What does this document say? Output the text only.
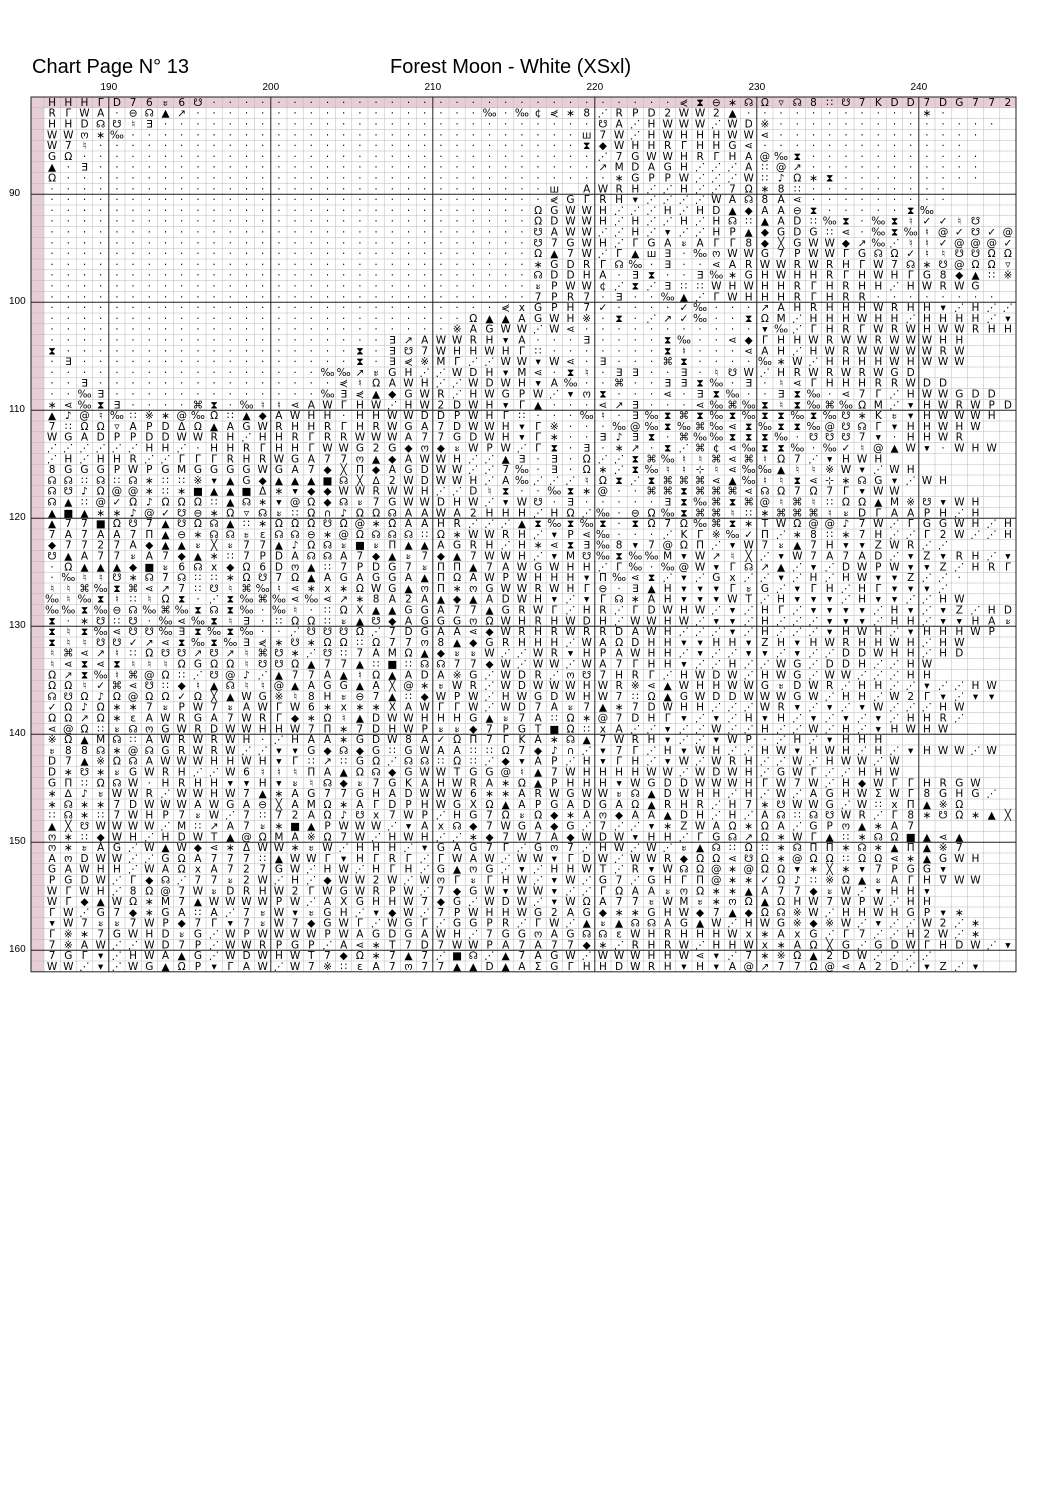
Chart Page N° 13	Forest Moon - White (XSxl)
190	200	210	220	230	240
90
100
110
120
130
140
150
160
H H H Γ D 7 6 ะ 6 ☋ · · · · · · · · · · · · · · · · · · · · · · · · · · · · · ⋞ ⧗ ⊖ ∗ ☊ Ω ▿ ☊ 8 ∷ ☋ 7 K D D 7 D G 7 7 2
R Γ W A · ⊖ ☊ ▲ ↗ · · · · · · · · · · · · · · · · · · ‰ · ‰ ¢ ⋞ ∗ 8 ⋰ R P D 2 W W 2 ▲ · · · · · · · · · · · ∗ ·
H H D ☊ ☋ ♮ ∃ · · · · · · · · · · · · · · · · · · · · · · · · · · · ☋ A ⋰ H W W W ⋰ W D ※ · · · · · · · · · · · · · ·
W W ო ∗ ‰ · · · · · · · · · · · · · · · · · · · · · · · · · · · · ш 7 W ⋰ H W H H H W W ⋖ · · · · · · · · · · · · ·
W 7 ♮ · · · · · · · · · · · · · · · · · · · · · · · · · · · · · · ⧗ ◆ W H H R Γ H H G ⋖ · · · · · · · · · · · · ·
G Ω · · · · · · · · · · · · · · · · · · · · · · · · · · · · · · · · ⋰ 7 G W W H R Γ H A @ ‰ ⧗ · · · · · · · · · · ·
▲ · ∃ · · · · · · · · · · · · · · · · · · · · · · · · · · · · · · · ↗ M D A G H ⋰ ⋰ ⋰ A ∷ @ ↗ · · · · · · · · · · ·
Ω · · · · · · · · · · · · · · · · · · · · · · · · · · · · · · · · · · ∗ G P P W ⋰ ⋰ ⋰ W ∷ ♪ Ω ∗ ⧗ · · · · · · · · ·
· · · · · · · · · · · · · · · · · · · · · · · · · · · · · · · ш A W R H ⋰ ⋰ H ⋰ ⋰ 7 Ω ∗ 8 ∷ · · · · · · · · ·
· · · · · · · · · · · · · · · · · · · · · · · · · · · · · · · ⋞ G Γ R H ▾ ⋰ ⋰ ⋰ ⋰ W A ☊ 8 A ⋖ · · · · · · · · ·
· · · · · · · · · · · · · · · · · · · · · · · · · · · · · · Ω G W W H ⋰ ⋰ ⋰ H ⋰ H D ▲ ◆ A A ⊖ ⧗ · · · · · ⧗ ‰
· · · · · · · · · · · · · · · · · · · · · · · · · · · · · · Ω D W W H ⋰ H ⋰ ⋰ H ⋰ H ☊ ∷ ▲ A D ∷ ‰ ⧗ · ‰ ⧗ ♮ ✓ ✓ ♮ ☋
· · · · · · · · · · · · · · · · · · · · · · · · · · · · · · ☋ A W W ⋰ ⋰ H ⋰ ▾ ⋰ ⋰ H P ▲ ◆ G D G ∷ ⋖ · ‰ ⧗ ‰ ♮ @ ✓ ☋ ✓ @
· · · · · · · · · · · · · · · · · · · · · · · · · · · · · · ☋ 7 G W H ⋰ Γ G A ะ A Γ Γ 8 ◆ ╳ G W W ◆ ↗ ‰ ⋰ ♮ ♮ ✓ @ @ @ ✓
· · · · · · · · · · · · · · · · · · · · · · · · · · · · · · Ω ▲ 7 W ⋰ Γ ▲ ш ∃ · ‰ ო W W G 7 P W W Γ G ☊ Ω ✓ ♮ ♮ ☋ ☋ Ω Ω
· · · · · · · · · · · · · · · · · · · · · · · · · · · · · · ∗ G D R Γ ☊ ‰ · ∃ · · ⋖ A R W W R W R H Γ W 7 ☊ ∗ ☋ @ Ω Ω ▿
· · · · · · · · · · · · · · · · · · · · · · · · · · · · · · ☊ D D H A · ∃ ⧗ · · ∃ ‰ ∗ G H W H H R Γ H W H Γ G 8 ◆ ▲ ∷ ※
· · · · · · · · · · · · · · · · · · · · · · · · · · · · · · ะ P W W ¢ ⋰ ⧗ ⋰ ∃ ∷ ∷ W H W H H R Γ H R H H ⋰ H W R W G
· · · · · · · · · · · · · · · · · · · · · · · · · · · · · · 7 P R 7 · ∃ · · ‰ ▲ ⋰ Γ W H H H R Γ H R R · · · · · · · ·
· · · · · · · · · · · · · · · · · · · · · · · · · · · · ⋞ x G P H 7 ✓ · · · · ✓ ‰ · · · ↗ A H R H H H W R H H ▾ ⋰ H ⋰ ⋰
· · · · · · · · · · · · · · · · · · · · · · · · · · Ω ▲ ▲ A G W H ※ · ⧗ · ⋰ ↗ ✓ ‰ · · ⧗ Ω M ⋰ H H H W H H ⋰ H H H H ⋰ ▾
· · · · · · · · · · · · · · · · · · · · · · · · · ※ A G W W ⋰ W ⋖ · · · · · · · · · · · ▾ ‰ ⋰ Γ H R Γ W R W H W W R H H
· · · · · · · · · · · · · · · · · · · · · ∃ ↗ A W W R H ▾ A · · · ∃ · · · · ⧗ ‰ · · ⋖ ◆ Γ H H W R W W R W W W H H
⧗ · · · · · · · · · · · · · · · · · · ⧗ · ∃ ☋ 7 W H H W H Γ ∷ · · · · · · · ⧗ ♮ · · · ⋖ A H ⋰ H W R W W W W W R W
· ∃ · · · · · · · · · · · · · · · · · ⧗ · ∃ ⋞ ※ M Γ ⋰ ⋰ W W ▾ W ⋖ · ∃ · · · ⌘ ⧗ · · · · ‰ ∗ W ⋰ H H H H W H W W W
· · · · · · · · · · · · · · · · · ‰ ‰ ↗ ะ G H ⋰ ⋰ W D H ▾ M ⋖ · ⧗ ♮ · ∃ ∃ · · ∃ · ♮ ☋ W ⋰ H R W R W R W G D
· · ∃ · · · · · · · · · · · · · · · ⋞ ♮ Ω A W H ⋰ ⋰ W D W H ▾ A ‰ · · ⌘ · · ∃ ∃ ⧗ ‰ · ∃ · ♮ ⋖ Γ H H H R R W D D
· · ‰ ∃ · · · · · · · · · · · · · ‰ ∃ ⋞ ▲ ◆ G W R ⋰ H W G P W ⋰ ▾ ო ⧗ · · · ⋖ · ∃ ⧗ ‰ · · ∃ ⧗ ‰ · ⋖ 7 Γ ⋰ H W W G D D
∗ ⋖ ‰ ⧗ ∃ · · · · ⌘ ⧗ · ‰ ♮ ♮ ⋖ A W Γ H W ⋰ H W 2 D W H ▾ Γ ▲ · · · ⋖ ↗ ∃ · · · ⋖ ‰ ⌘ ‰ ⧗ ♮ ⧗ ‰ ⌘ ‰ Ω M ⋰ ▾ H W R W P D
▲ ♪ @ ♮ ‰ ∷ ※ ∗ @ ‰ Ω ∷ ▲ ◆ A W H H · H H W W D D P W H Γ ∷ · · · ‰ ♮ · ∃ ‰ ⧗ ⌘ ⧗ ‰ ⧗ ‰ ⧗ ⧗ ‰ ⧗ ‰ ☋ ∗ K ะ ▾ H W W W H
7 ∷ Ω Ω ▿ A P D Δ Ω ▲ A G W R H H R Γ H R W G A 7 D W W H ▾ Γ ※ · · · ‰ @ ‰ ⧗ ‰ ⌘ ‰ ⋖ ⧗ ‰ ⧗ ⧗ ‰ @ ☋ ☊ Γ ▾ H H W H W
W G A D P P D D W W R H ⋰ H H R Γ R R W W W A 7 7 G D W H ▾ Γ ∗ · · ∃ ♪ ∃ ⧗ · ⌘ ‰ ‰ ⧗ ⧗ ⧗ ‰ · ☋ ☋ ☋ 7 ▾ · H H W R
⋰ ⋰ ⋰ ⋰ ⋰ ⋰ H H ⋰ · H H R Γ H H Γ W W G 2 G ◆ ო ◆ ะ W P W ⋰ Γ ⧗ · ∃ · ∗ ↗ · ⧗ ⋰ ⌘ ¢ ⋖ ‰ ⧗ ⧗ ‰ · ‰ ✓ ♮ @ ▲ W ▾ · W H W
⋰ H ⋰ H H R ⋰ ⋰ Γ Γ Γ R H R W G A 7 7 ო ▲ ◆ A W W H ⋰ ⋰ ▲ ∃ · ∃ · Ω ⋰ ⋰ ⧗ ⌘ ‰ ♮ ♮ ⌘ ⋖ ⌘ ♮ Ω 7 ⋰ ▾ H W H
8 G G G P W P G M G G G G W G A 7 ◆ ╳ Π ◆ A G D W W ⋰ ⋰ 7 ‰ · ∃ · Ω ∗ ⋰ ⧗ ‰ ♮ ♮ ⊹ ♮ ⋖ ‰ ‰ ▲ ♮ ♮ ※ W ▾ ⋰ W H
☊ ☊ ∷ ☊ ∷ ☊ ∗ ∷ ∷ ※ ▾ ▲ G ◆ ▲ ▲ ▲ ■ ☊ ╳ ∆ 2 W D W W H ⋰ A ‰ ⋰ ⋰ ⋰ ♮ Ω ⧗ ⋰ ⧗ ⌘ ⌘ ⌘ ⋖ ▲ ‰ ♮ ♮ ⧗ ⋖ ⊹ ∗ ☊ G ▾ ⋰ W H
☊ ☋ ♪ Ω @ @ ∗ ∷ ∗ ■ ▲ ▲ ■ Δ ∗ ▾ ◆ ◆ W W R W W H ⋰ ⋰ D ♮ ⧗ · · ‰ ⧗ ∗ @ · · ⌘ ⌘ ⧗ ⌘ ⌘ ⌘ ⋖ ☊ Ω 7 Ω 7 Γ ▾ W W
☊ ▲ ∷ @ ✓ Ω ♪ Ω Ω Ω ∷ ▲ ☊ ∗ ▾ @ Ω ◆ ☊ ะ 7 G W W D H W ⋰ ▾ W ☋ · ∃ · · · · · ∃ ⧗ ‰ ⌘ ⧗ ⌘ @ ♮ ⌘ ♮ ∷ Ω Ω ▲ M ※ ☋ ▾ W H
▲ ■ ▲ ∗ ∗ ♪ @ ✓ ☋ ⊖ ∗ Ω ▿ ☊ ะ ∷ Ω ∩ ♪ Ω Ω ☊ A A W A 2 H H H ⋰ H Ω ⋰ ‰ · ⊖ Ω ‰ ⧗ ⌘ ⌘ ♮ ∷ ∗ ⌘ ⌘ ⌘ ♮ ะ D Γ A A P H ⋰ H
▲ 7 7 ■ Ω ☋ 7 ▲ ☋ Ω ☊ ▲ ∷ ∗ Ω Ω Ω ☋ Ω @ ∗ Ω A A H R ⋰ ⋰ ⋰ ▲ ⧗ ‰ ⧗ ‰ ⧗ · ⧗ Ω 7 Ω ‰ ⌘ ⧗ ∗ T W Ω @ @ ♪ 7 W ⋰ Γ G G W H ⋰ H
7 A 7 A A 7 Π ▲ ⊖ ∗ ☊ ☊ ะ ε ☊ ☊ ⊖ ∗ @ Ω ☊ ☊ ☊ ∷ Ω ∗ W W R H ⋰ ▾ P ⋖ ‰ · · · ⋰ K Γ ※ ‰ ✓ Π ⋰ ∗ 8 ∷ ∗ 7 H ⋰ ⋰ Γ 2 W ⋰ ⋰ H
◆ 7 7 2 7 A ◆ ▲ ▲ ะ ╳ ะ 7 7 ▲ ♪ Ω ☊ ะ ■ ะ Π ▲ ▲ A G R H ⋰ H ∗ ⋖ ⧗ ∃ ‰ 8 ▾ 7 @ Ω Π ⋰ ▾ W 7 ะ ▲ 7 H ▾ ▾ Z W R ⋰ ⋰
☋ ▲ A 7 7 ะ A 7 ◆ ▲ ∗ ∷ 7 P D A ☊ ☊ A 7 ◆ ▲ ะ 7 ◆ ▲ 7 W W H ⋰ ▾ M ☋ ‰ ⧗ ‰ ‰ M ▾ W ↗ ♮ ╳ ⋰ ▾ W 7 A 7 A D ⋰ ▾ Z ▾ R H ⋰ ▾
· Ω ▲ ▲ ▲ ◆ ■ ะ 6 ☊ x ◆ Ω 6 D ო ▲ ∷ 7 P D G 7 ะ Π Π ▲ 7 A W G W H H ⋰ Γ ‰ · ‰ @ W ▾ Γ ☊ ↗ ▲ ⋰ ▾ ⋰ D W P W ▾ ▾ Z ⋰ H R Γ
· ‰ ♮ ♮ ☋ ∗ ☊ 7 ☊ ∷ ∷ ∗ Ω ☋ 7 Ω ▲ A G A G G A ▲ Π Ω A W P W H H H ▾ Π ‰ ⋖ ⧗ ⋰ ▾ ⋰ G x ⋰ ⋰ ▾ ⋰ H ⋰ H W ▾ ▾ Z ⋰ ⋰ ·
♮ ♮ ⌘ ‰ ⧗ ⌘ ⋖ ↗ 7 ∷ ☋ ♮ ⌘ ‰ ♮ ⋖ ∗ x ∗ Ω W G ▲ ო Π ∗ ო G W W R W H Γ ⊖ · ∃ ▲ H ▾ ▾ ▾ Γ ะ G ⋰ ▾ Γ H ⋰ H Γ ▾ ▾ ▾ ⋰
‰ ♮ ‰ ⧗ ♮ ∷ ♮ Ω ⧗ · ⋰ ⧗ ‰ ⌘ ‰ ⋖ ‰ ⋖ ↗ ∗ 8 A 2 A ▲ ◆ ▲ A D W H ▾ ⋰ ▾ Γ ☊ ∗ A H ▾ ▾ ▾ W T ⋰ H ▾ ▾ ▾ ⋰ H ▾ ▾ ⋰ ⋰ H W
‰ ‰ ⧗ ‰ ⊖ ☊ ‰ ⌘ ‰ ⧗ ☊ ⧗ ‰ · ‰ ♮ · ∷ Ω X ▲ ▲ G G A 7 7 ▲ G R W Γ ⋰ H R ⋰ Γ D W H W ⋰ ▾ ⋰ H Γ ⋰ ▾ ▾ ▾ ▾ ⋰ H ▾ ⋰ ▾ Z ⋰ H D
⧗ · ∗ ☋ ∷ ☋ · ‰ ⋖ ‰ ⧗ ♮ ∃ · ∷ Ω Ω ∷ ะ ▲ ☋ ◆ A G G G ო Ω W H R H W D H ⋰ W W H W ⋰ ▾ ▾ ⋰ H ⋰ ⋰ ⋰ ▾ ▾ ▾ ⋰ H H ⋰ ▾ ▾ H A ะ
⧗ ♮ ⧗ ‰ ⋖ ☋ ☋ ‰ ∃ ⧗ ‰ ⧗ ‰ · · ⋰ ☋ ☋ ☋ Ω ⋰ 7 D G A A ⋖ ◆ W R H R W R R D A W H ⋰ ⋰ ⋰ ▾ ⋰ H ⋰ ⋰ ⋰ ▾ H W H ⋰ ▾ H H H W P
⧗ ♮ ♮ ☋ ☋ ✓ ↗ ⋖ ⧗ ‰ ⧗ ‰ ∃ ⋞ ∗ ☋ ∗ Ω Ω ∷ Ω 7 7 ო 8 ▲ ◆ G R H H H ⋰ W A Ω D H H ▾ ▾ H H ▾ Z H ▾ H W R H H W H ⋰ H W
♮ ⌘ ⋖ ↗ ♮ ∷ Ω ☋ ☋ ↗ ☋ ↗ ♮ ⌘ ☋ ∗ ⋰ ☋ ∷ 7 A M Ω ▲ ◆ ะ ะ W ⋰ ⋰ W R ▾ H P A W H H ⋰ ▾ ⋰ ⋰ ▾ ▾ ⋰ ▾ ⋰ ⋰ D D W H H ⋰ H D
♮ ⋖ ⧗ ⋖ ⧗ ♮ ♮ ♮ Ω G Ω Ω ♮ ☋ ☋ Ω ▲ 7 7 ▲ ∷ ■ ∷ ☊ ☊ 7 7 ◆ W ⋰ W W ⋰ W A 7 Γ H H ▾ ⋰ ⋰ H ⋰ ⋰ W G ⋰ D D H ⋰ ⋰ H W
Ω ↗ ⧗ ‰ ♮ ⌘ @ Ω ∷ ⋰ ☋ @ ♪ ⋰ ▲ 7 7 A ▲ ♮ Ω ▲ A D A ※ G ⋰ W D R ⋰ ო ☋ 7 H R Γ ⋰ H W D W ⋰ H W G ⋰ W W ⋰ ⋰ ⋰ H H
Ω Ω ♮ ✓ ⌘ ⋖ ☋ ∷ ◆ ♮ ▲ ☊ ♮ ♮ @ ▲ A G G ▲ A ╳ @ ∗ ะ W R ⋰ W D W W W H W R ※ ⋖ ▲ W H H W W G ะ D W R ⋰ H H ⋰ ⋰ ▾ ⋰ ⋰ H W
☊ ☋ Ω ♪ Ω @ Ω Ω ✓ Ω ╳ ▲ W G ※ ♮ 8 H ะ ⊖ 7 ▲ ∷ ◆ W P W ⋰ H W G D W H W 7 ∷ Ω ▲ G W D D W W W G W ⋰ H H ⋰ W 2 Γ ▾ ⋰ ▾ ▾
✓ Ω ♪ Ω ∗ ∗ 7 ะ P W 7 ะ A W Γ W 6 ∗ x ∗ ∗ X A W Γ Γ W ⋰ W D 7 A ะ 7 ▲ ∗ 7 D W H H ⋰ ⋰ ⋰ W R ▾ ⋰ ▾ ⋰ ▾ W ⋰ ⋰ ⋰ H W
Ω Ω ↗ Ω ∗ ε A W R G A 7 W R Γ ◆ ∗ Ω ♮ ▲ D W W H H H G ▲ ะ 7 A ∷ Ω ∗ @ 7 D H Γ ▾ ⋰ ▾ ⋰ H ▾ H ⋰ ▾ ⋰ ▾ ⋰ ▾ ⋰ H H R ⋰
⋖ @ Ω ∷ ะ ☊ ო G W R D W W H H W 7 Π ∗ 7 D H W P ะ ะ ◆ 7 P G T ■ Ω ∷ x A ⋰ ⋰ ▾ ⋰ ⋰ W ⋰ ⋰ H ⋰ ⋰ W ⋰ H ⋰ ▾ H W H W
※ Ω ▲ M ☊ ∷ A W R W R W H · ⋰ H A A ∗ G D W 8 A ✓ Ω Π 7 Γ K A ∗ ☊ ▲ 7 W R H ▾ ⋰ ⋰ ▾ W P · ⋰ H ⋰ ▾ H H H
ะ 8 8 ☊ ∗ @ ☊ G R W R W ⋰ ⋰ ▾ ▾ G ◆ ☊ ◆ G ∷ G W A A ∷ ∷ Ω 7 ◆ ♪ ∩ ⋰ ▾ 7 Γ ⋰ H ▾ W H ⋰ ⋰ H W ▾ H W H ⋰ H ⋰ ▾ H W W ⋰ W
D 7 ▲ ※ Ω ☊ A W W W H H W H ▾ Γ ∷ ↗ ∷ G Ω ⋰ ☊ ☊ ∷ Ω ∷ ⋰ ◆ ▾ A P ⋰ H ▾ Γ H ⋰ ▾ W ⋰ W R H ⋰ ⋰ W ⋰ H W W ⋰ W
D ∗ ☋ ∗ ะ G W R H ⋰ ⋰ W 6 ♮ ♮ ♮ Π A ▲ Ω ☊ ◆ G W W T G G @ ♮ ▲ 7 W H H H H W W ⋰ W D W H ⋰ G W Γ ⋰ ⋰ H H W
G Π ∷ Ω ☊ W · H R H H ▾ ▾ H ▾ ะ ♮ ☊ ◆ ะ 7 G K A H W R A ∗ Ω ▲ P H H H ▾ W G D D W W W H Γ W 7 W ⋰ H ◆ W Γ Γ H R G W
∗ ∆ ♪ ะ W W R ⋰ W W H W 7 ▲ ∗ A G 7 7 G H A D W W W 6 ∗ ∗ A R W G W W ะ ☊ ▲ D W H H ⋰ H ⋰ W ⋰ A G H W Σ W Γ 8 G H G ⋰
∗ ☊ ∗ ∗ 7 D W W W A W G A ⊖ ╳ A M Ω ∗ A Γ D P H W G X Ω ▲ A P G A D G A Ω ▲ R H R ⋰ H 7 ∗ ☋ W W G ⋰ W ∷ x Π ▲ ※ Ω
∷ ☊ ∗ ∷ 7 W H P 7 ะ W ⋰ 7 ∷ 7 2 A Ω ♪ ☋ x 7 W P ⋰ H G 7 Ω ะ Ω ◆ ∗ A ო ◆ A A ▲ D H ⋰ H ⋰ A ☊ ∷ ☊ ☋ W R ⋰ Γ 8 ∗ ☋ Ω ∗ ▲ ╳
▲ ╳ ☋ W W W W ⋰ M ∷ ↗ A 7 ะ ∗ ■ ▲ P W W W ⋰ ▾ A x ☊ ◆ 7 W G A ◆ G ⋰ 7 ⋰ ⋰ ▾ ∗ Z W A Ω ∗ Ω A ⋰ G P ო ▲ ∗ A 7
ო ∗ ∷ ◆ W H ⋰ H D W T ▲ @ Ω M A ※ Ω 7 W ⋰ H W H ⋰ ⋰ ∗ ◆ 7 W 7 A ◆ W D W ▾ H H ⋰ Γ G ☊ ↗ Ω ∗ W Γ ▲ ∷ ∗ ☊ Ω ■ ▲ ⋖ ▲
ო ∗ ะ A G ⋰ W ▲ W ◆ ⋖ ∗ Δ W W ∗ ะ W ⋰ H H H ⋰ ▾ G A G 7 Γ ⋰ G ო 7 ⋰ H W ⋰ W ⋰ ะ ▲ ☊ ∷ Ω ∷ ∗ ☊ Π Π ∗ ☊ ∗ ▲ Π ▲ ※ 7
A ო D W W ⋰ ⋰ G Ω A 7 7 7 ∷ ▲ W W Γ ▾ H Γ R Γ ⋰ Γ W A W ⋰ W W ▾ Γ D W ⋰ W W R ◆ Ω Ω ⋖ ☋ Ω ∗ @ Ω Ω ∷ Ω Ω ⋖ ∗ ▲ G W H
G A W H H ⋰ W A Ω x A 7 2 7 G W ⋰ H W ⋰ H Γ H ⋰ G ▲ ო G ⋰ ▾ ⋰ H H W T ⋰ R ▾ W ☊ Ω @ ∗ @ Ω Ω ▾ ∗ ╳ ∗ ▾ 7 P G G ▾
P G D W ⋰ Γ ◆ ☊ ⋰ 7 7 ะ 2 W ⋰ H ⋰ ◆ W W 2 W ⋰ W ო Γ ะ Γ H W ⋰ ▾ W ⋰ G 7 ⋰ G H Γ Π @ ∗ ∗ ✓ Ω ♪ ∷ ※ Ω ▲ ะ A Γ H ᐁ W W
W Γ W H ⋰ 8 Ω @ 7 W ะ D R H W 2 Γ W G W R P W ⋰ 7 ◆ G W ▾ W W ▾ ⋰ ⋰ Γ Ω A A ะ ო Ω ∗ ∗ ▲ A 7 7 ◆ ะ W ⋰ ▾ H H ▾
W Γ ◆ ▲ W Ω ∗ M 7 ▲ W W W W P W ⋰ A X G H H W 7 ◆ G ⋰ W D W ⋰ ▾ W Ω A 7 7 ะ W M ะ ∗ ო Ω ▲ Ω H W 7 W P W ⋰ H H
Γ W ⋰ G 7 ◆ ∗ G A ∷ A ⋰ 7 ะ W ▾ ะ G H ⋰ ▾ ◆ W ⋰ 7 P W H H W G 2 A G ◆ ∗ ∗ G H W ◆ 7 ▲ ◆ Ω ☊ ※ W ⋰ H H W H G P ▾ ∗
▾ W 7 ะ ะ 7 W P ◆ 7 Γ ▾ 7 ะ W 7 ◆ G W Γ ⋰ W G Γ ⋰ G G P R ⋰ Γ W ⋰ ▲ ะ ▲ ☊ ☊ A G ▲ W ⋰ H W G ※ ◆ ※ W ⋰ ▾ ⋰ ⋰ W 2 ⋰ ∗
Γ ※ ∗ 7 G W H D ะ G ⋰ W P W W W W P W A G D G A W H ⋰ 7 G G ო A G ☊ ☊ ε W H R H H H W x ∗ A x G ⋰ Γ 7 ⋰ ⋰ H 2 W ⋰ ∗
7 ※ A W ⋰ ⋰ W D 7 P ⋰ W W R P G P ⋰ A ⋖ ∗ T 7 D 7 W W P A 7 A 7 7 ◆ ∗ ⋰ R H R W ⋰ H H W x ∗ A Ω ╳ G ⋰ G D W Γ H D W ⋰ ▾
7 G Γ ▾ ⋰ H W A ▲ G ⋰ W D W H W T 7 ◆ Ω ∗ 7 ▲ 7 ⋰ ■ ☊ ⋰ ▲ 7 A G W ⋰ W W W H H W ⋖ ▾ ⋰ 7 ∗ ※ Ω ▲ 2 D W ⋰ ⋰ ⋰ ⋰
W W ⋰ ▾ ⋰ W G ▲ Ω P ▾ Γ A W ⋰ W 7 ※ ∷ ε A 7 ო 7 7 ▲ ▲ D ▲ A Σ G Γ H H D W R H ▾ H ▾ A @ ↗ 7 7 Ω @ ⋖ A 2 D ⋰ ▾ Z ⋰ ▾
